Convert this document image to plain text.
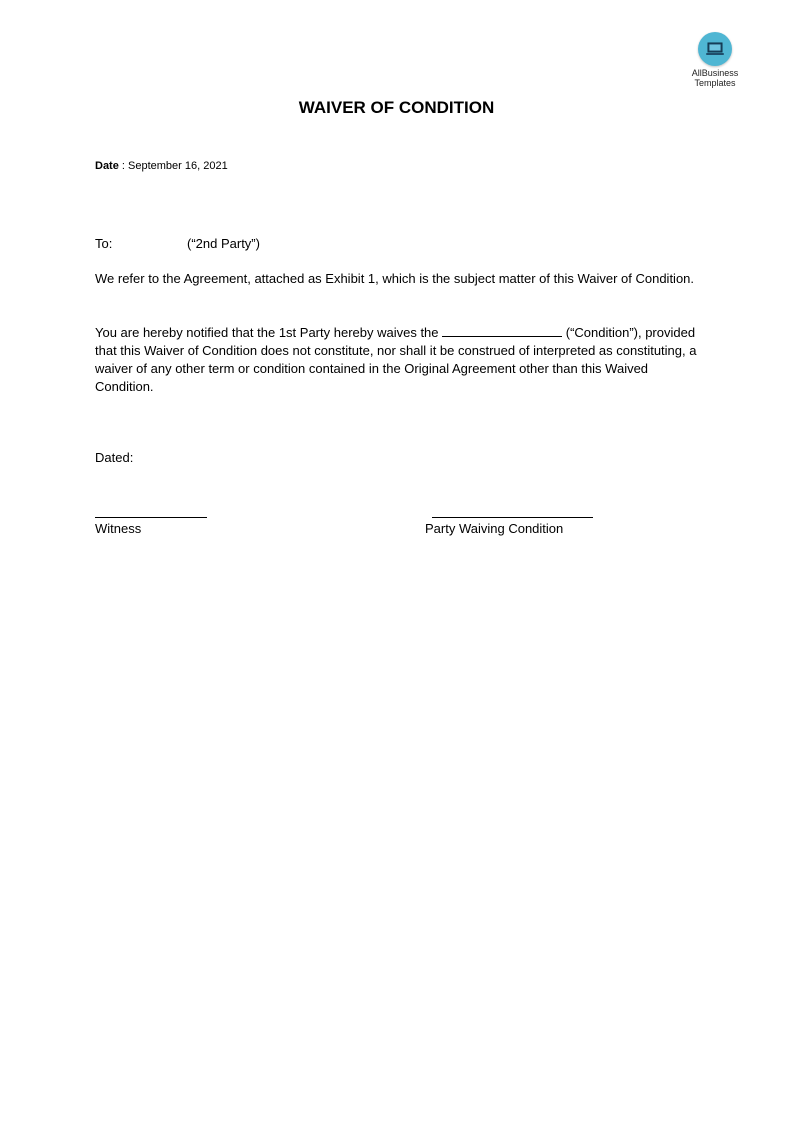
AllBusiness
Templates
WAIVER OF CONDITION
Date : September 16, 2021
To:	(“2nd Party”)

We refer to the Agreement, attached as Exhibit 1, which is the subject matter of this Waiver of Condition.

You are hereby notified that the 1st Party hereby waives the	(“Condition”), provided that this Waiver of Condition does not constitute, nor shall it be construed of interpreted as constituting, a waiver of any other term or condition contained in the Original Agreement other than this Waived Condition.

Dated:
Witness	Party Waiving Condition
